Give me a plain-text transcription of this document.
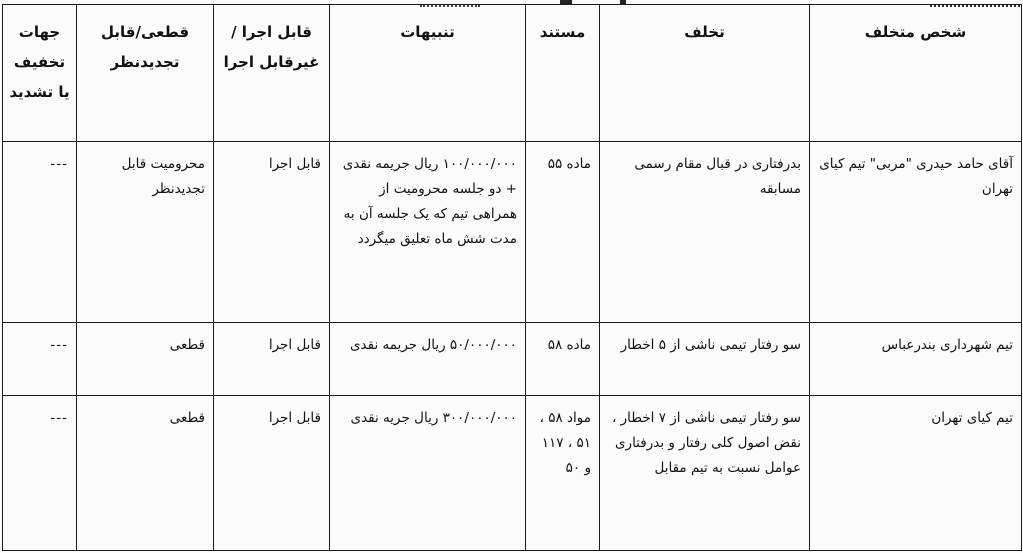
شخص متخلف	تخلف	مستند	تنبیهات	قابل اجرا /غیرقابل اجرا	قطعی/قابل تجدیدنظر	جهات تخفیف یا تشدید
آقای حامد حیدری "مربی" تیم کیای تهران	بدرفتاری در قبال مقام رسمی مسابقه	ماده ۵۵	۱۰۰/۰۰۰/۰۰۰ ریال جریمه نقدی + دو جلسه محرومیت از همراهی تیم که یک جلسه آن به مدت شش ماه تعلیق میگردد	قابل اجرا	محرومیت قابل تجدیدنظر	---
تیم شهرداری بندرعباس	سو رفتار تیمی ناشی از ۵ اخطار	ماده ۵۸	۵۰/۰۰۰/۰۰۰ ریال جریمه نقدی	قابل اجرا	قطعی	---
تیم کیای تهران	سو رفتار تیمی ناشی از ۷ اخطار ، نقض اصول کلی رفتار و بدرفتاری عوامل نسبت به تیم مقابل	مواد ۵۸ ، ۵۱ ، ۱۱۷ و ۵۰	۳۰۰/۰۰۰/۰۰۰ ریال جریه نقدی	قابل اجرا	قطعی	---
